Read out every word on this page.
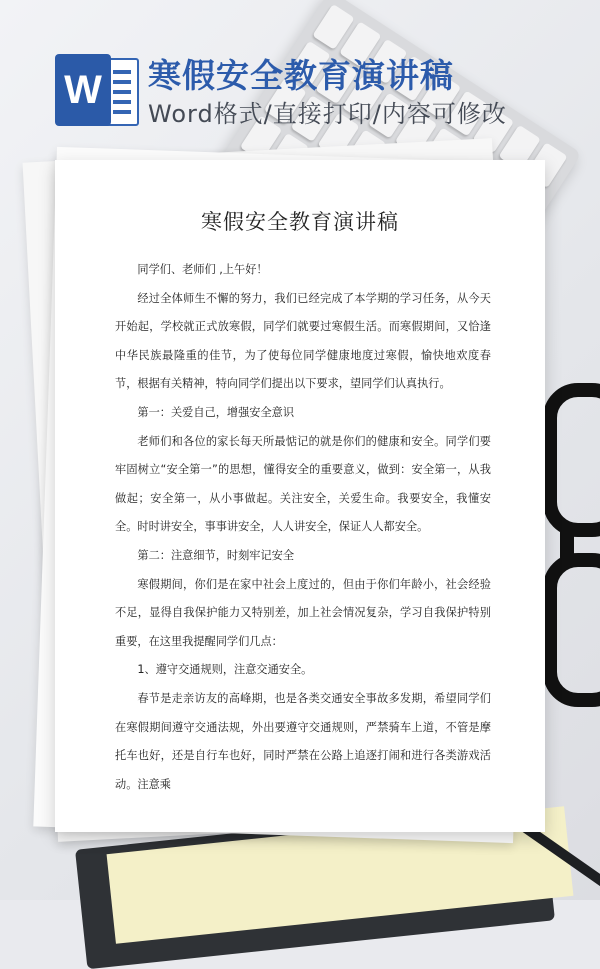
W 寒假安全教育演讲稿
Word格式/直接打印/内容可修改
寒假安全教育演讲稿

同学们、老师们 ,上午好！

经过全体师生不懈的努力，我们已经完成了本学期的学习任务，从今天开始起，学校就正式放寒假，同学们就要过寒假生活。而寒假期间，又恰逢中华民族最隆重的佳节，为了使每位同学健康地度过寒假，愉快地欢度春节，根据有关精神，特向同学们提出以下要求，望同学们认真执行。

第一：关爱自己，增强安全意识

老师们和各位的家长每天所最惦记的就是你们的健康和安全。同学们要牢固树立“安全第一”的思想，懂得安全的重要意义，做到：安全第一，从我做起；安全第一，从小事做起。关注安全，关爱生命。我要安全，我懂安全。时时讲安全，事事讲安全，人人讲安全，保证人人都安全。

第二：注意细节，时刻牢记安全

寒假期间，你们是在家中社会上度过的，但由于你们年龄小，社会经验不足，显得自我保护能力又特别差，加上社会情况复杂，学习自我保护特别重要，在这里我提醒同学们几点：

1、遵守交通规则，注意交通安全。

春节是走亲访友的高峰期，也是各类交通安全事故多发期，希望同学们在寒假期间遵守交通法规，外出要遵守交通规则，严禁骑车上道，不管是摩托车也好，还是自行车也好，同时严禁在公路上追逐打闹和进行各类游戏活动。注意乘
